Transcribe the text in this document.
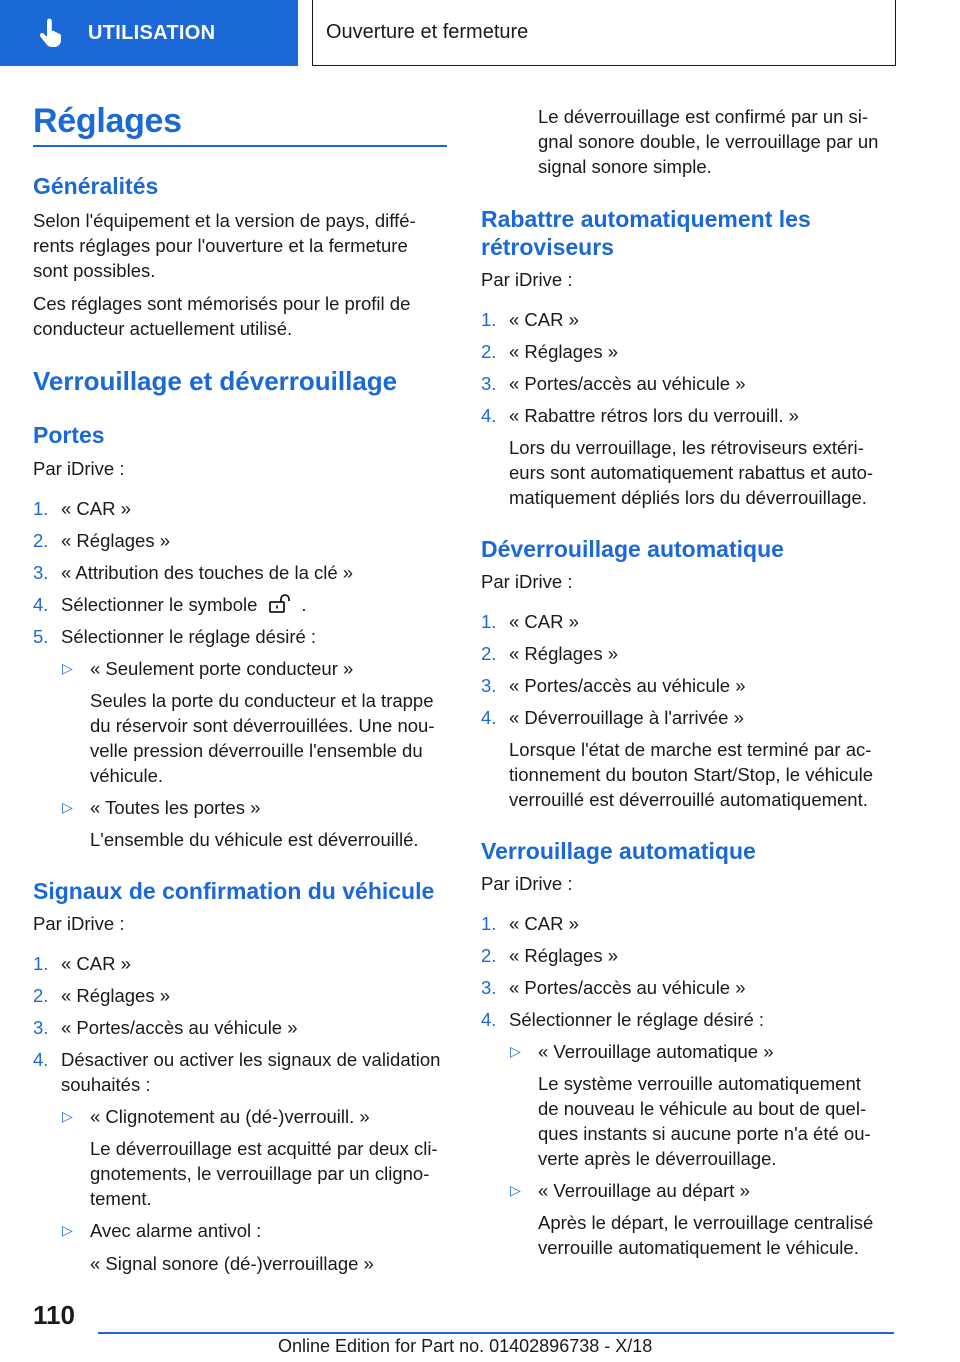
UTILISATION	Ouverture et fermeture
Réglages
Généralités
Selon l'équipement et la version de pays, diffé-
rents réglages pour l'ouverture et la fermeture
sont possibles.
Ces réglages sont mémorisés pour le profil de
conducteur actuellement utilisé.
Verrouillage et déverrouillage
Portes
Par iDrive :
1. « CAR »
2. « Réglages »
3. « Attribution des touches de la clé »
4. Sélectionner le symbole .
5. Sélectionner le réglage désiré :
▷ « Seulement porte conducteur »
Seules la porte du conducteur et la trappe
du réservoir sont déverrouillées. Une nou-
velle pression déverrouille l'ensemble du
véhicule.
▷ « Toutes les portes »
L'ensemble du véhicule est déverrouillé.
Signaux de confirmation du véhicule
Par iDrive :
1. « CAR »
2. « Réglages »
3. « Portes/accès au véhicule »
4. Désactiver ou activer les signaux de validation
souhaités :
▷ « Clignotement au (dé-)verrouill. »
Le déverrouillage est acquitté par deux cli-
gnotements, le verrouillage par un cligno-
tement.
▷ Avec alarme antivol :
« Signal sonore (dé-)verrouillage »
Le déverrouillage est confirmé par un si-
gnal sonore double, le verrouillage par un
signal sonore simple.
Rabattre automatiquement les
rétroviseurs
Par iDrive :
1. « CAR »
2. « Réglages »
3. « Portes/accès au véhicule »
4. « Rabattre rétros lors du verrouill. »
Lors du verrouillage, les rétroviseurs extéri-
eurs sont automatiquement rabattus et auto-
matiquement dépliés lors du déverrouillage.
Déverrouillage automatique
Par iDrive :
1. « CAR »
2. « Réglages »
3. « Portes/accès au véhicule »
4. « Déverrouillage à l'arrivée »
Lorsque l'état de marche est terminé par ac-
tionnement du bouton Start/Stop, le véhicule
verrouillé est déverrouillé automatiquement.
Verrouillage automatique
Par iDrive :
1. « CAR »
2. « Réglages »
3. « Portes/accès au véhicule »
4. Sélectionner le réglage désiré :
▷ « Verrouillage automatique »
Le système verrouille automatiquement
de nouveau le véhicule au bout de quel-
ques instants si aucune porte n'a été ou-
verte après le déverrouillage.
▷ « Verrouillage au départ »
Après le départ, le verrouillage centralisé
verrouille automatiquement le véhicule.
110
Online Edition for Part no. 01402896738 - X/18
